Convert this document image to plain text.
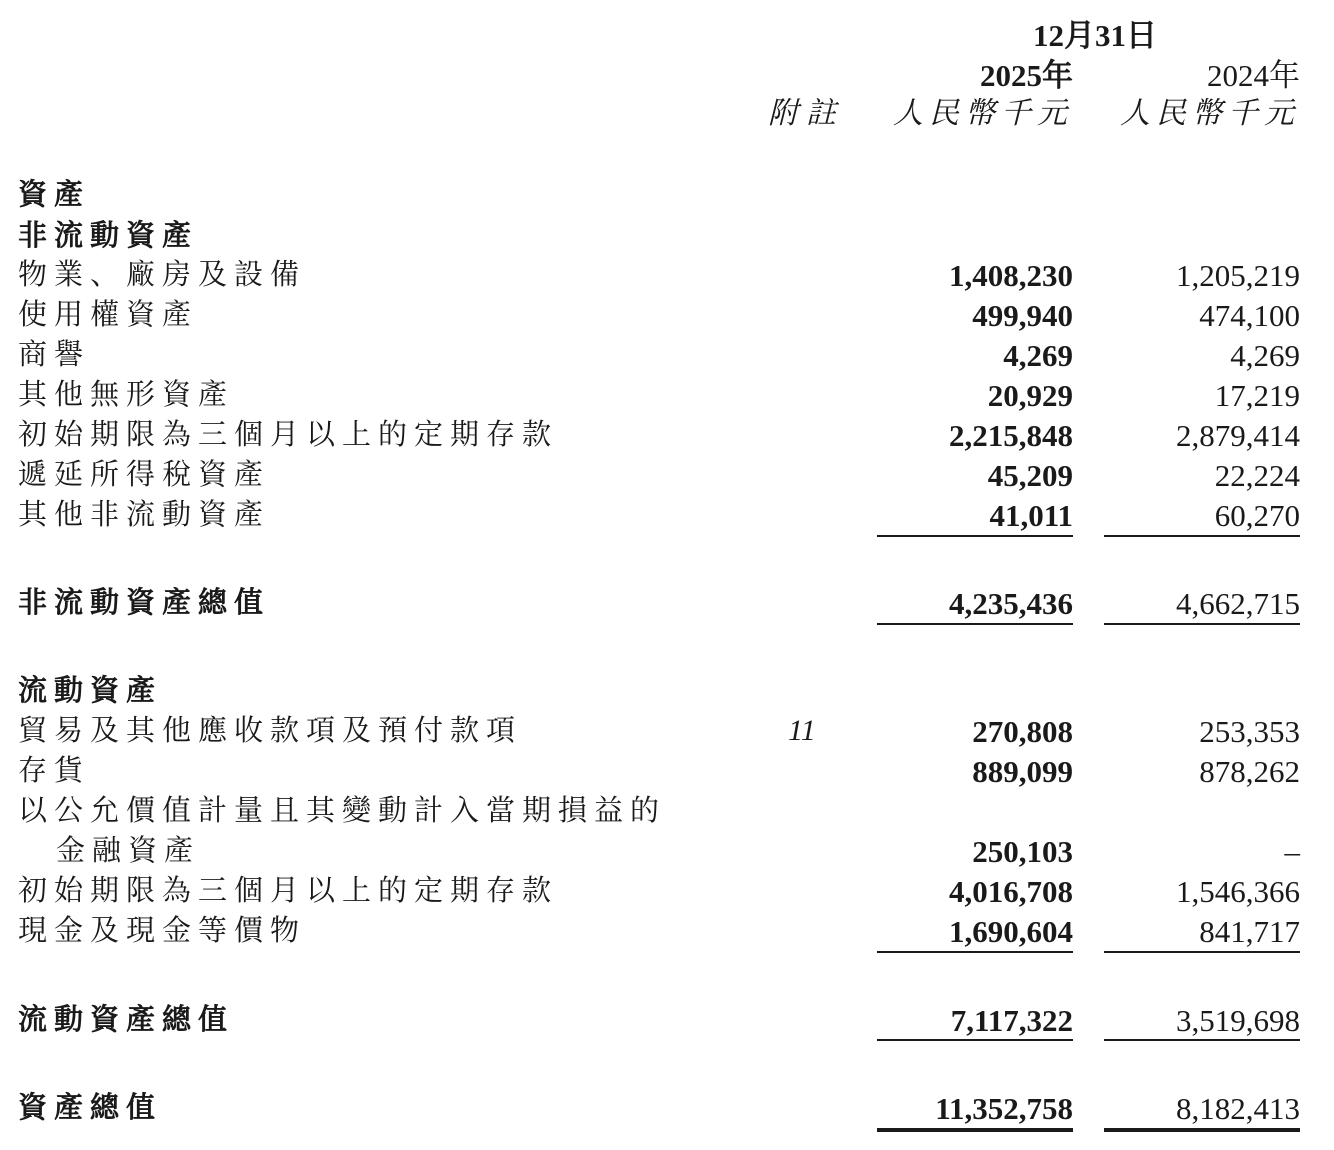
12月31日
2025年	2024年
附註 人民幣千元 人民幣千元
資產
非流動資產
物業、廠房及設備	1,408,230	1,205,219
使用權資產	499,940	474,100
商譽	4,269	4,269
其他無形資產	20,929	17,219
初始期限為三個月以上的定期存款	2,215,848	2,879,414
遞延所得稅資產	45,209	22,224
其他非流動資產	41,011	60,270
非流動資產總值	4,235,436	4,662,715
流動資產
貿易及其他應收款項及預付款項	11	270,808	253,353
存貨	889,099	878,262
以公允價值計量且其變動計入當期損益的
金融資產	250,103	–
初始期限為三個月以上的定期存款	4,016,708	1,546,366
現金及現金等價物	1,690,604	841,717
流動資產總值	7,117,322	3,519,698
資產總值	11,352,758	8,182,413
